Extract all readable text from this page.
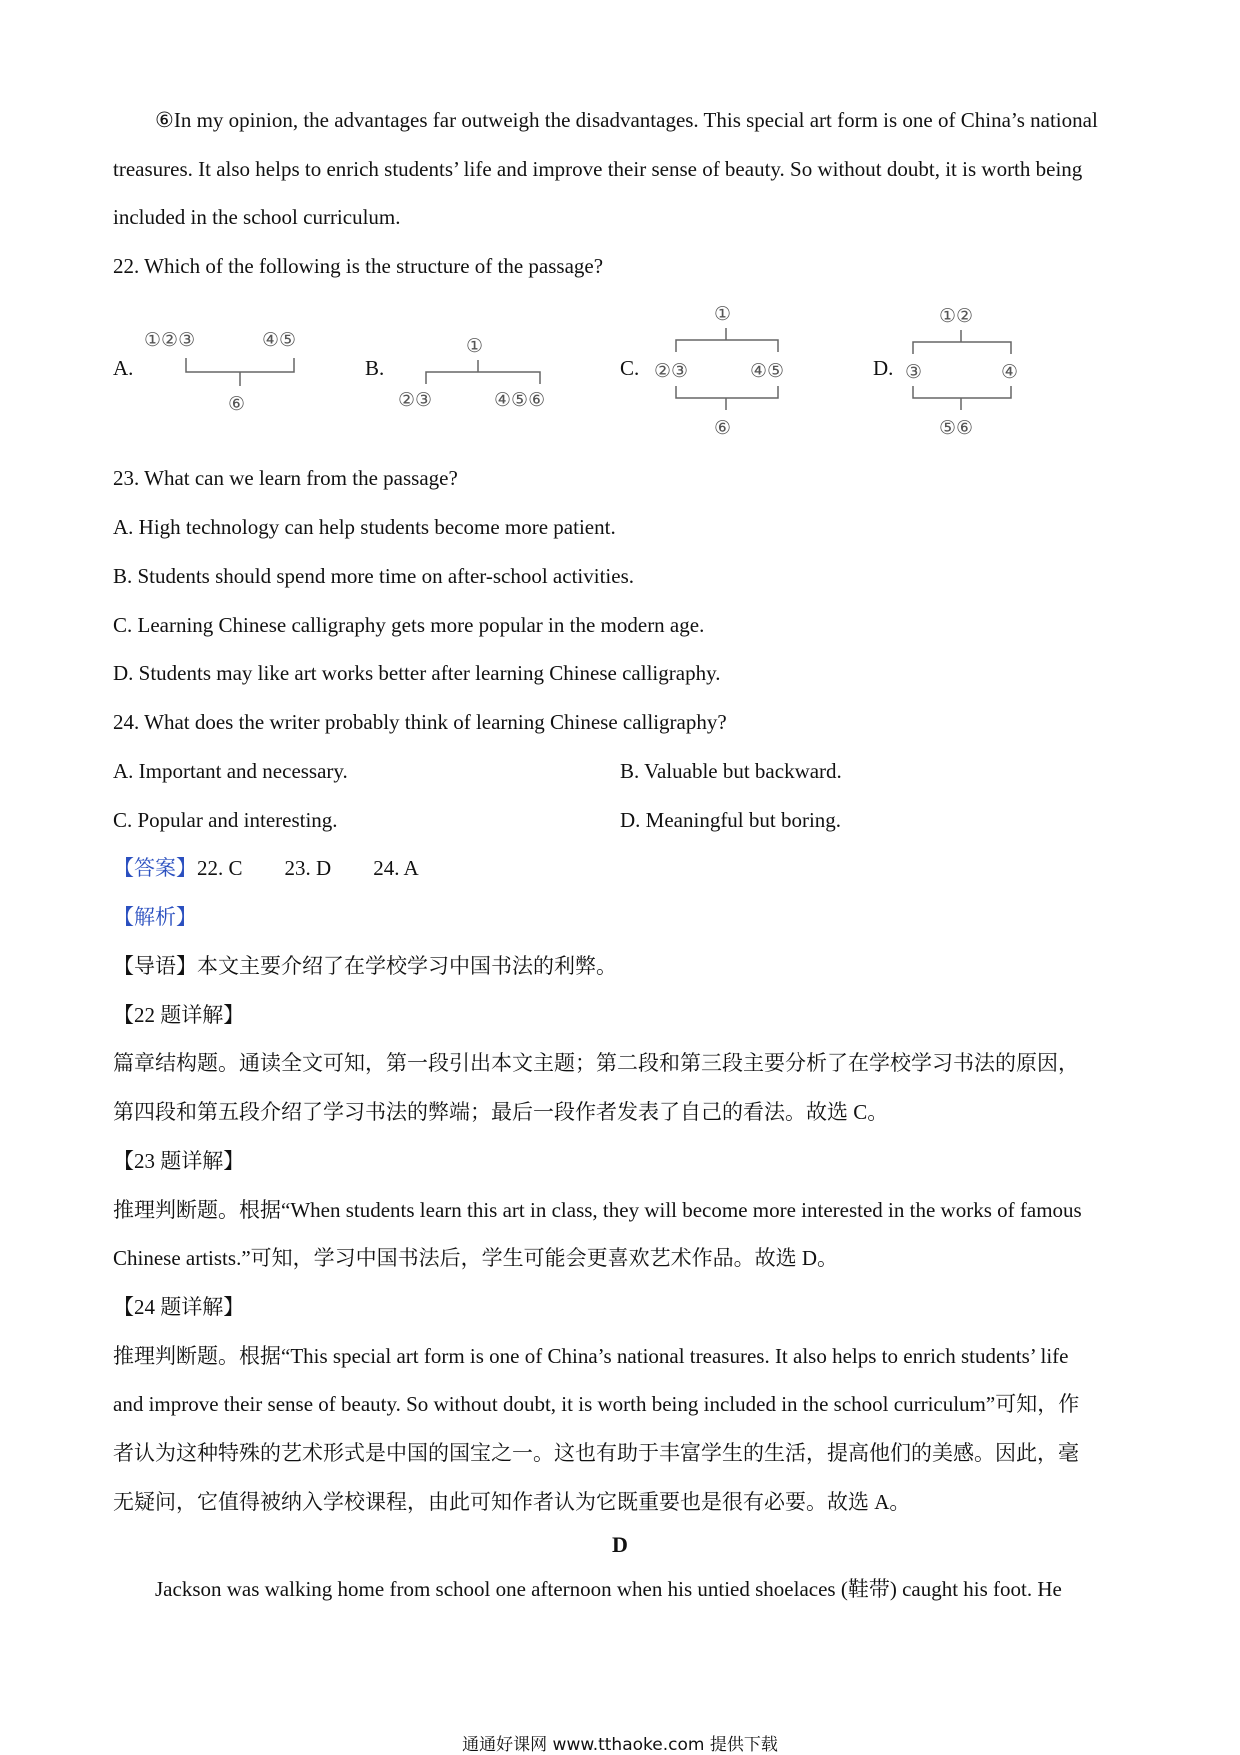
⑥In my opinion, the advantages far outweigh the disadvantages. This special art form is one of China’s national
treasures. It also helps to enrich students’ life and improve their sense of beauty. So without doubt, it is worth being
included in the school curriculum.
22. Which of the following is the structure of the passage?
A.
①②③	④⑤
⑥
B.
①
②③	④⑤⑥
C.
①
②③	④⑤
⑥
D.
①②
③	④
⑤⑥
23. What can we learn from the passage?
A. High technology can help students become more patient.
B. Students should spend more time on after-school activities.
C. Learning Chinese calligraphy gets more popular in the modern age.
D. Students may like art works better after learning Chinese calligraphy.
24. What does the writer probably think of learning Chinese calligraphy?
A. Important and necessary.	B. Valuable but backward.
C. Popular and interesting.	D. Meaningful but boring.
【答案】22. C 23. D 24. A
【解析】
【导语】本文主要介绍了在学校学习中国书法的利弊。
【22 题详解】
篇章结构题。通读全文可知，第一段引出本文主题；第二段和第三段主要分析了在学校学习书法的原因，
第四段和第五段介绍了学习书法的弊端；最后一段作者发表了自己的看法。故选 C。
【23 题详解】
推理判断题。根据“When students learn this art in class, they will become more interested in the works of famous
Chinese artists.”可知，学习中国书法后，学生可能会更喜欢艺术作品。故选 D。
【24 题详解】
推理判断题。根据“This special art form is one of China’s national treasures. It also helps to enrich students’ life
and improve their sense of beauty. So without doubt, it is worth being included in the school curriculum”可知，作
者认为这种特殊的艺术形式是中国的国宝之一。这也有助于丰富学生的生活，提高他们的美感。因此，毫
无疑问，它值得被纳入学校课程，由此可知作者认为它既重要也是很有必要。故选 A。
D
Jackson was walking home from school one afternoon when his untied shoelaces (鞋带) caught his foot. He
通通好课网 www.tthaoke.com 提供下载
